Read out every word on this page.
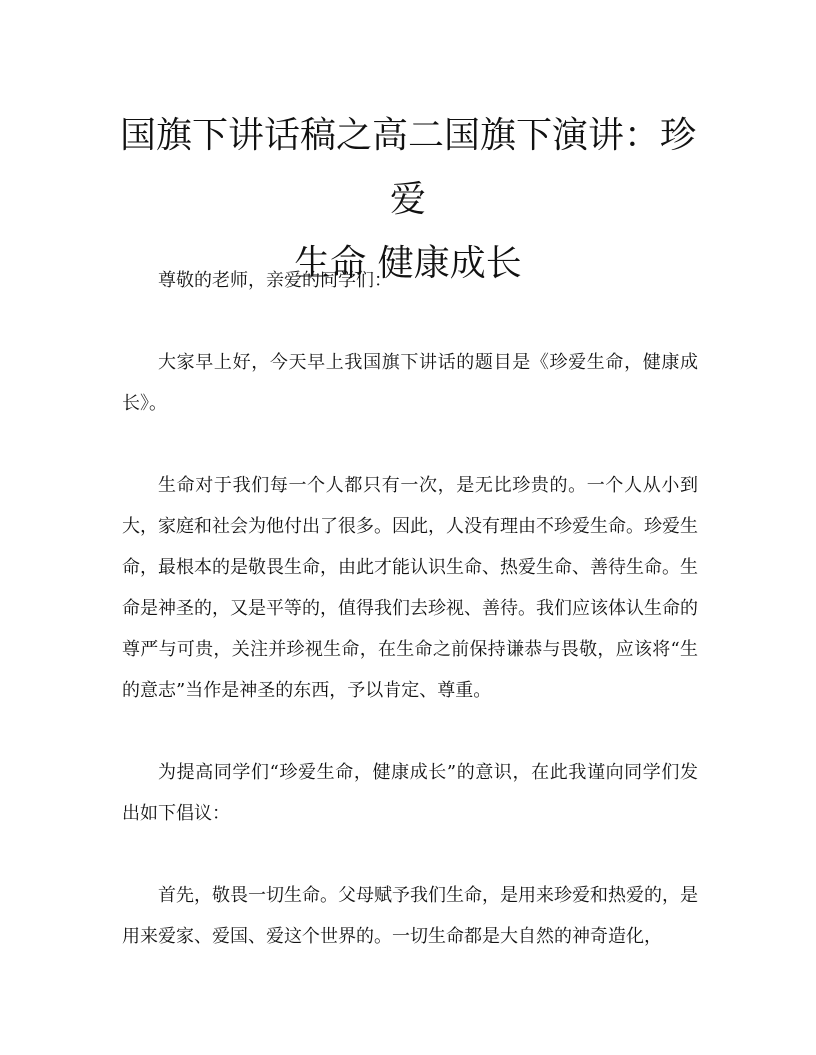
国旗下讲话稿之高二国旗下演讲：珍爱
生命 健康成长

尊敬的老师，亲爱的同学们：

大家早上好，今天早上我国旗下讲话的题目是《珍爱生命，健康成长》。

生命对于我们每一个人都只有一次，是无比珍贵的。一个人从小到大，家庭和社会为他付出了很多。因此，人没有理由不珍爱生命。珍爱生命，最根本的是敬畏生命，由此才能认识生命、热爱生命、善待生命。生命是神圣的，又是平等的，值得我们去珍视、善待。我们应该体认生命的尊严与可贵，关注并珍视生命，在生命之前保持谦恭与畏敬，应该将“生的意志”当作是神圣的东西，予以肯定、尊重。

为提高同学们“珍爱生命，健康成长”的意识，在此我谨向同学们发出如下倡议：

首先，敬畏一切生命。父母赋予我们生命，是用来珍爱和热爱的，是用来爱家、爱国、爱这个世界的。一切生命都是大自然的神奇造化，
